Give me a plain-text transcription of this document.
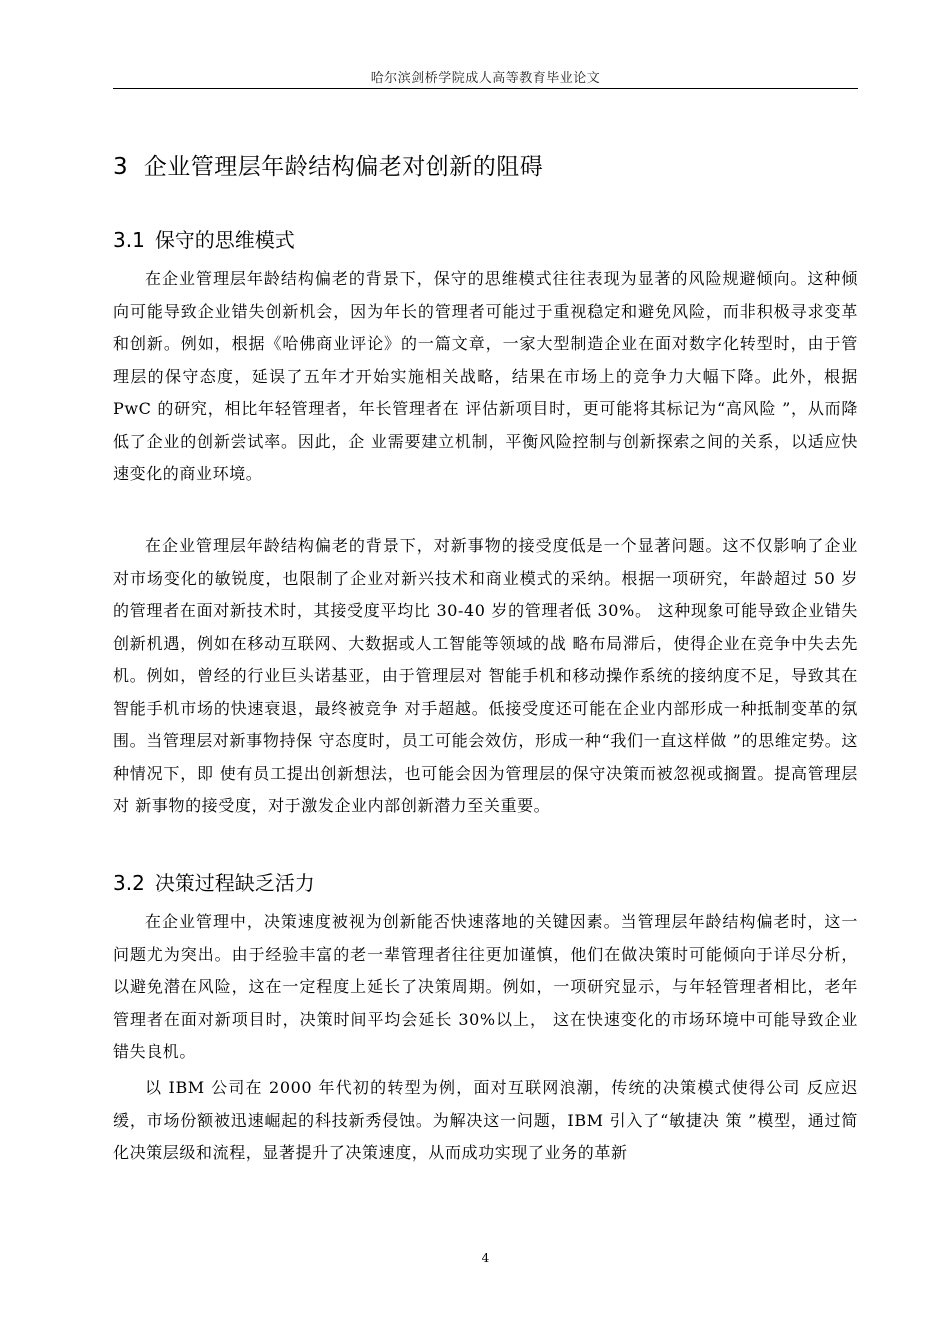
哈尔滨剑桥学院成人高等教育毕业论文
3 企业管理层年龄结构偏老对创新的阻碍
3.1 保守的思维模式

在企业管理层年龄结构偏老的背景下，保守的思维模式往往表现为显著的风险规避倾向。这种倾向可能导致企业错失创新机会，因为年长的管理者可能过于重视稳定和避免风险，而非积极寻求变革和创新。例如，根据《哈佛商业评论》的一篇文章，一家大型制造企业在面对数字化转型时，由于管理层的保守态度，延误了五年才开始实施相关战略，结果在市场上的竞争力大幅下降。此外，根据 PwC 的研究，相比年轻管理者，年长管理者在 评估新项目时，更可能将其标记为“高风险 ”，从而降低了企业的创新尝试率。因此，企 业需要建立机制，平衡风险控制与创新探索之间的关系，以适应快速变化的商业环境。

在企业管理层年龄结构偏老的背景下，对新事物的接受度低是一个显著问题。这不仅影响了企业对市场变化的敏锐度，也限制了企业对新兴技术和商业模式的采纳。根据一项研究，年龄超过 50 岁的管理者在面对新技术时，其接受度平均比 30-40 岁的管理者低 30%。 这种现象可能导致企业错失创新机遇，例如在移动互联网、大数据或人工智能等领域的战 略布局滞后，使得企业在竞争中失去先机。例如，曾经的行业巨头诺基亚，由于管理层对 智能手机和移动操作系统的接纳度不足，导致其在智能手机市场的快速衰退，最终被竞争 对手超越。低接受度还可能在企业内部形成一种抵制变革的氛围。当管理层对新事物持保 守态度时，员工可能会效仿，形成一种“我们一直这样做 ”的思维定势。这种情况下，即 使有员工提出创新想法，也可能会因为管理层的保守决策而被忽视或搁置。提高管理层对 新事物的接受度，对于激发企业内部创新潜力至关重要。

3.2 决策过程缺乏活力

在企业管理中，决策速度被视为创新能否快速落地的关键因素。当管理层年龄结构偏老时，这一问题尤为突出。由于经验丰富的老一辈管理者往往更加谨慎，他们在做决策时可能倾向于详尽分析，以避免潜在风险，这在一定程度上延长了决策周期。例如，一项研究显示，与年轻管理者相比，老年管理者在面对新项目时，决策时间平均会延长 30%以上， 这在快速变化的市场环境中可能导致企业错失良机。

以 IBM 公司在 2000 年代初的转型为例，面对互联网浪潮，传统的决策模式使得公司 反应迟缓，市场份额被迅速崛起的科技新秀侵蚀。为解决这一问题，IBM 引入了“敏捷决 策 ”模型，通过简化决策层级和流程，显著提升了决策速度，从而成功实现了业务的革新

4
